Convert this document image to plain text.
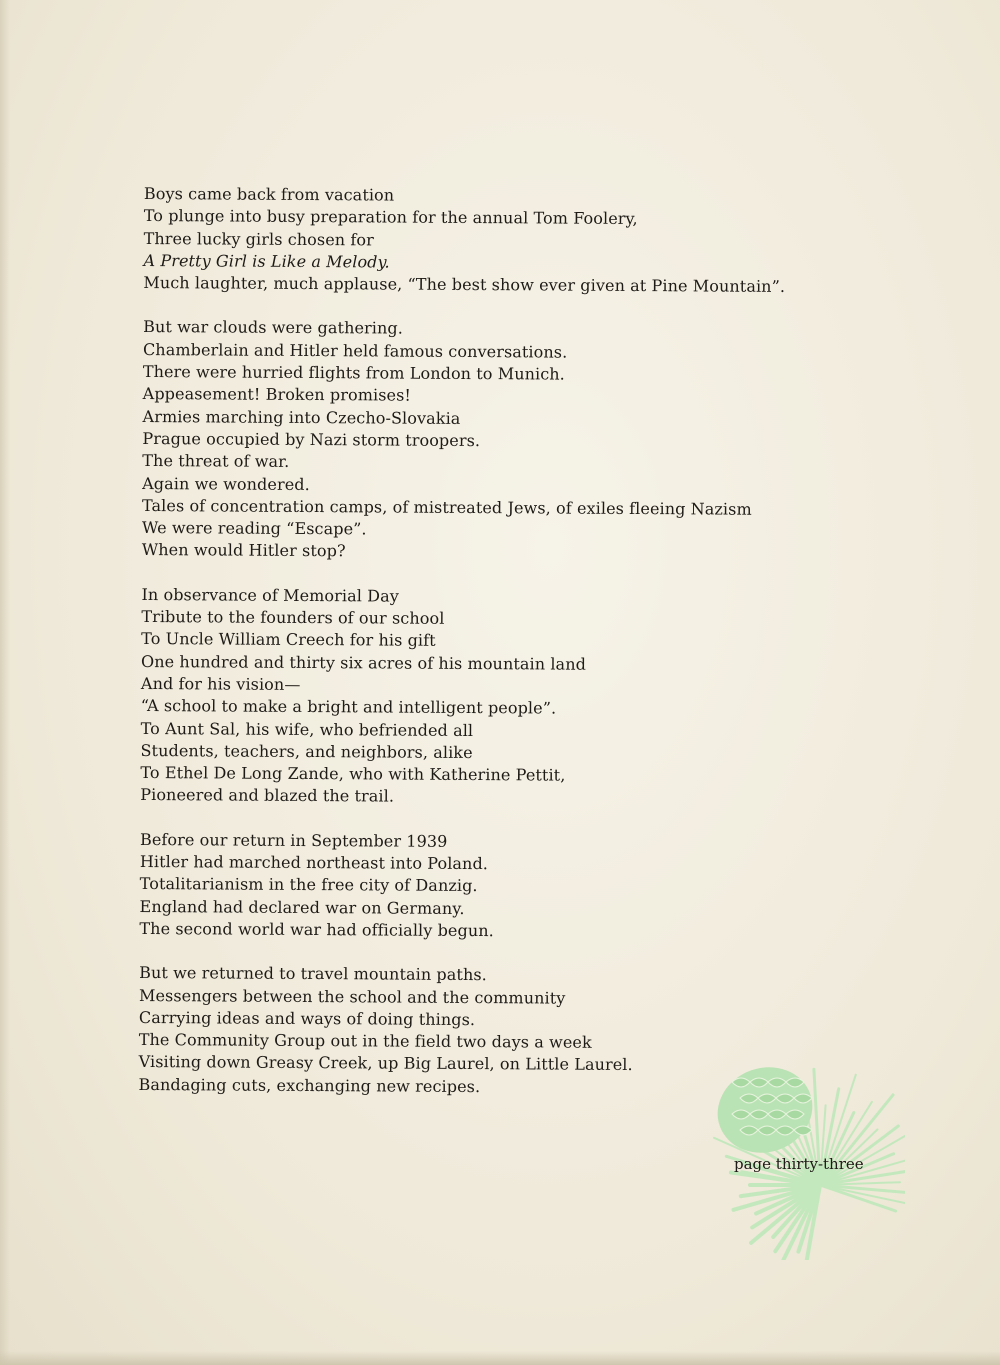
Boys came back from vacation
To plunge into busy preparation for the annual Tom Foolery,
Three lucky girls chosen for
A Pretty Girl is Like a Melody.
Much laughter, much applause, “The best show ever given at Pine Mountain”.
But war clouds were gathering.
Chamberlain and Hitler held famous conversations.
There were hurried flights from London to Munich.
Appeasement! Broken promises!
Armies marching into Czecho-Slovakia
Prague occupied by Nazi storm troopers.
The threat of war.
Again we wondered.
Tales of concentration camps, of mistreated Jews, of exiles fleeing Nazism
We were reading “Escape”.
When would Hitler stop?
In observance of Memorial Day
Tribute to the founders of our school
To Uncle William Creech for his gift
One hundred and thirty six acres of his mountain land
And for his vision—
“A school to make a bright and intelligent people”.
To Aunt Sal, his wife, who befriended all
Students, teachers, and neighbors, alike
To Ethel De Long Zande, who with Katherine Pettit,
Pioneered and blazed the trail.
Before our return in September 1939
Hitler had marched northeast into Poland.
Totalitarianism in the free city of Danzig.
England had declared war on Germany.
The second world war had officially begun.
But we returned to travel mountain paths.
Messengers between the school and the community
Carrying ideas and ways of doing things.
The Community Group out in the field two days a week
Visiting down Greasy Creek, up Big Laurel, on Little Laurel.
Bandaging cuts, exchanging new recipes.
page thirty-three
